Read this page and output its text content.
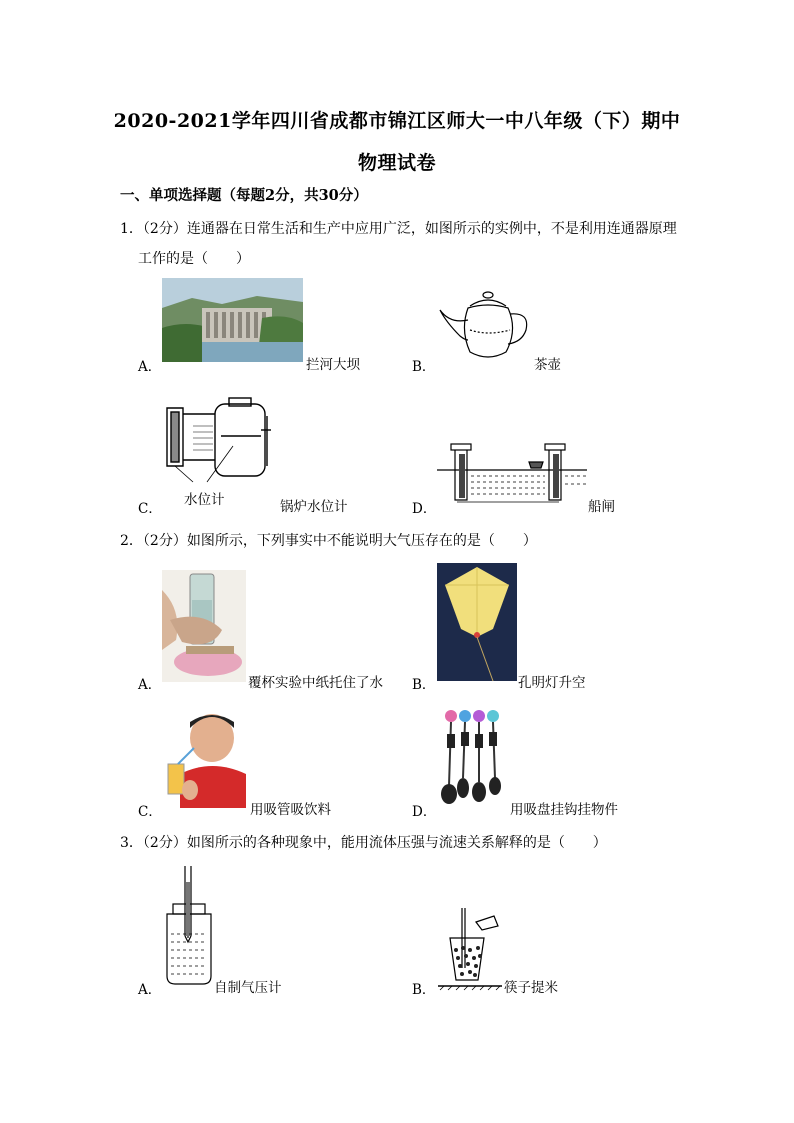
2020-2021学年四川省成都市锦江区师大一中八年级（下）期中
物理试卷
一、单项选择题（每题2分，共30分）
1．（2分）连通器在日常生活和生产中应用广泛，如图所示的实例中，不是利用连通器原理
工作的是（　　）
A．	拦河大坝	B．	茶壶
水位计
C．	锅炉水位计	D．	船闸
2．（2分）如图所示，下列事实中不能说明大气压存在的是（　　）
A．	覆杯实验中纸托住了水 B．	孔明灯升空
C．	用吸管吸饮料	D．	用吸盘挂钩挂物件
3．（2分）如图所示的各种现象中，能用流体压强与流速关系解释的是（　　）
A．	自制气压计	B．	筷子提米
